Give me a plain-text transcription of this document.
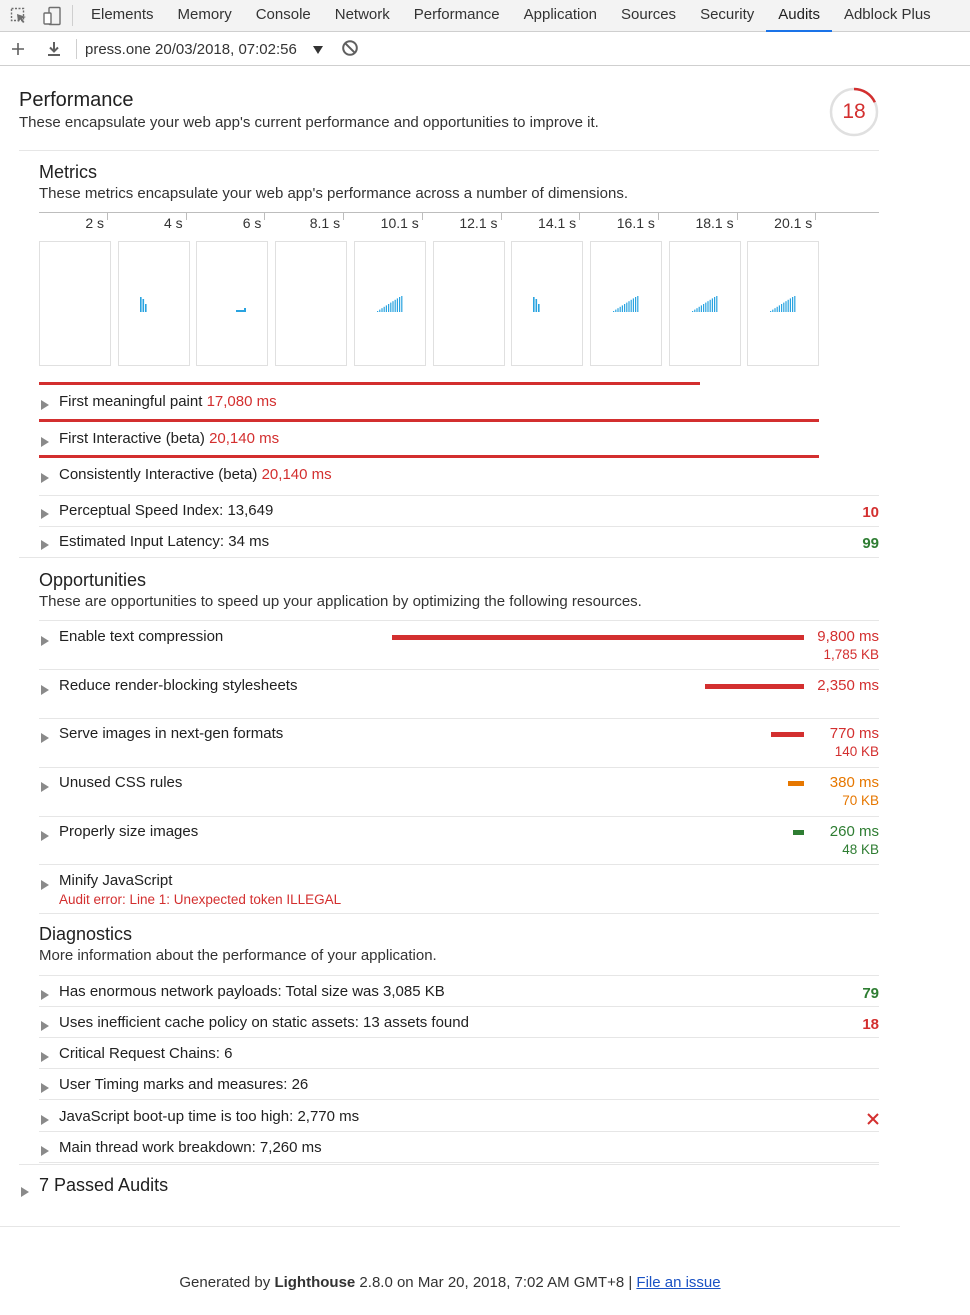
Elements	Memory	Console	Network	Performance	Application	Sources	Security	Audits	Adblock Plus
press.one 20/03/2018, 07:02:56
Performance
These encapsulate your web app's current performance and opportunities to improve it.	18
Metrics
These metrics encapsulate your web app's performance across a number of dimensions.
2 s	4 s	6 s	8.1 s	10.1 s	12.1 s	14.1 s	16.1 s	18.1 s	20.1 s
First meaningful paint 17,080 ms
First Interactive (beta) 20,140 ms
Consistently Interactive (beta) 20,140 ms
Perceptual Speed Index: 13,649	10
Estimated Input Latency: 34 ms	99
Opportunities
These are opportunities to speed up your application by optimizing the following resources.
Enable text compression	9,800 ms
1,785 KB
Reduce render-blocking stylesheets	2,350 ms
Serve images in next-gen formats	770 ms
140 KB
Unused CSS rules	380 ms
70 KB
Properly size images	260 ms
48 KB
Minify JavaScript
Audit error: Line 1: Unexpected token ILLEGAL
Diagnostics
More information about the performance of your application.
Has enormous network payloads: Total size was 3,085 KB	79
Uses inefficient cache policy on static assets: 13 assets found	18
Critical Request Chains: 6
User Timing marks and measures: 26
JavaScript boot-up time is too high: 2,770 ms
Main thread work breakdown: 7,260 ms
7 Passed Audits
Generated by Lighthouse 2.8.0 on Mar 20, 2018, 7:02 AM GMT+8 | File an issue
